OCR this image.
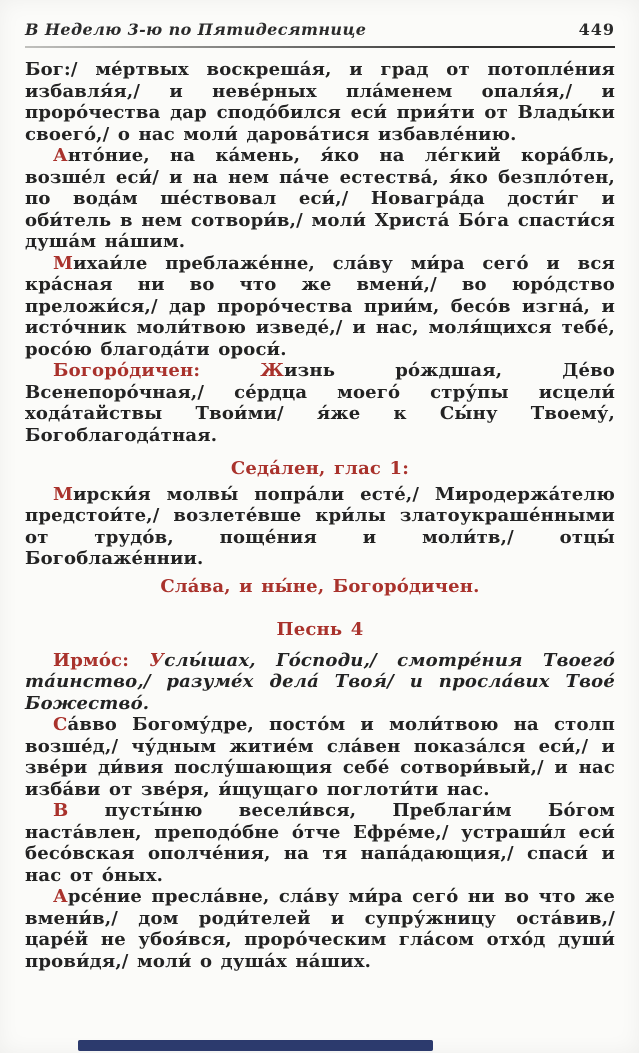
В Неделю 3-ю по Пятидесятнице	449

Бог:/ ме́ртвых воскреша́я, и град от потопле́ния избавля́я,/ и неве́рных пла́менем опаля́я,/ и проро́чества дар сподо́бился еси́ прия́ти от Влады́ки своего́,/ о нас моли́ дарова́тися избавле́нию.

Анто́ние, на ка́мень, я́ко на ле́гкий кора́бль, возше́л еси́/ и на нем па́че естества́, я́ко безпло́тен, по вода́м ше́ствовал еси́,/ Новагра́да дости́г и оби́тель в нем сотвори́в,/ моли́ Христа́ Бо́га спасти́ся душа́м на́шим.

Михаи́ле преблаже́нне, сла́ву ми́ра сего́ и вся кра́сная ни во что же вмени́,/ во юро́дство преложи́ся,/ дар проро́чества прии́м, бесо́в изгна́, и исто́чник моли́твою изведе́,/ и нас, моля́щихся тебе́, росо́ю благода́ти ороси́.

Богоро́дичен:	Жизнь ро́ждшая, Де́во Всенепоро́чная,/ се́рдца моего́ стру́пы исцели́ хода́тайствы Твои́ми/ я́же к Сы́ну Твоему́, Богоблагода́тная.

Седа́лен, глас 1:

Мирски́я молвы́ попра́ли есте́,/ Миродержа́телю предстои́те,/ возлете́вше кри́лы златоукраше́нными от трудо́в, поще́ния и моли́тв,/ отцы́ Богоблаже́ннии.

Сла́ва, и ны́не, Богоро́дичен.

Песнь 4

Ирмо́с: Услы́шах, Го́споди,/ смотре́ния Твоего́ та́инство,/ разуме́х дела́ Твоя́/ и просла́вих Твое́ Божество́.

Са́вво Богому́дре, посто́м и моли́твою на столп возше́д,/ чу́дным житие́м сла́вен показа́лся еси́,/ и зве́ри ди́вия послу́шающия себе́ сотвори́вый,/ и нас изба́ви от зве́ря, и́щущаго поглоти́ти нас.

В пусты́ню весели́вся, Преблаги́м Бо́гом наста́влен, преподо́бне о́тче Ефре́ме,/ устраши́л еси́ бесо́вская ополче́ния, на тя напа́дающия,/ спаси́ и нас от о́ных.

Арсе́ние пресла́вне, сла́ву ми́ра сего́ ни во что же вмени́в,/ дом роди́телей и супру́жницу оста́вив,/ царе́й не убоя́вся, проро́ческим гла́сом отхо́д души́ прови́дя,/ моли́ о душа́х на́ших.
